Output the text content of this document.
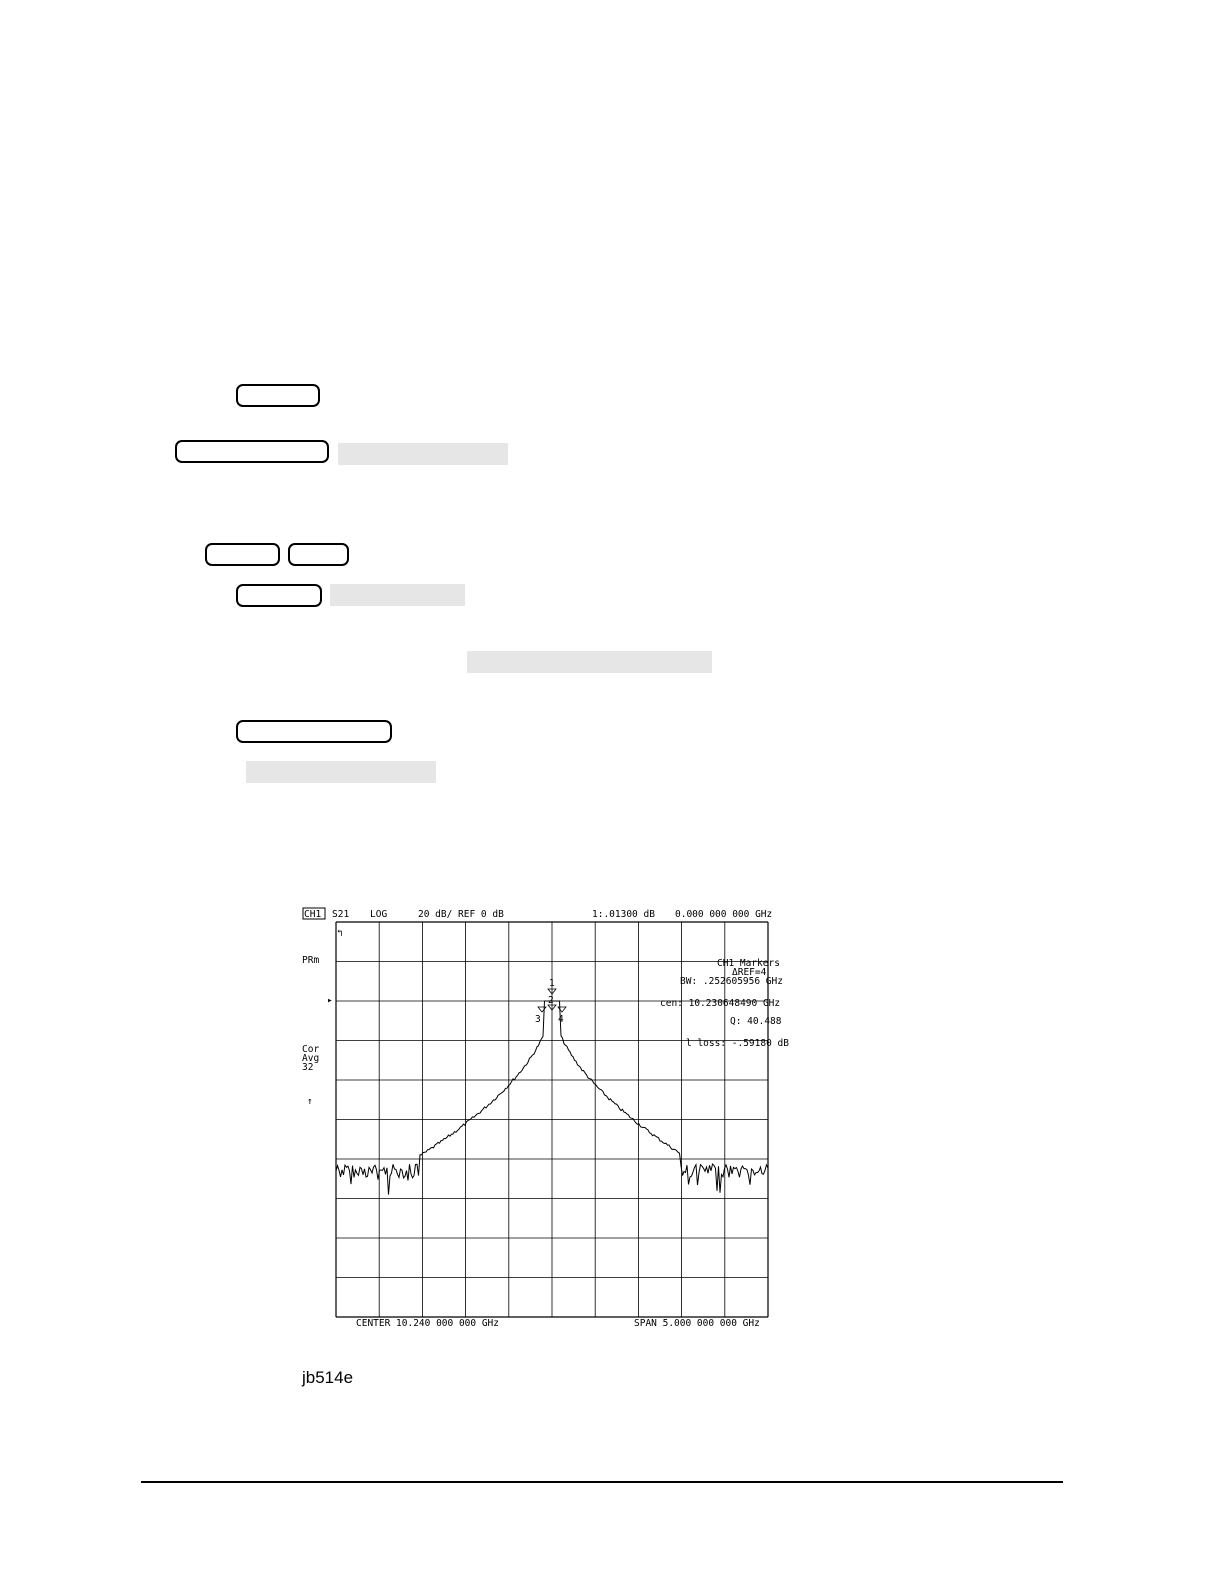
CH1 S21 LOG	20 dB/ REF 0 dB	1:.01300 dB 0.000 000 000 GHz
PRm
Cor
Avg
32
↑
▸
↰
1
2
3 4
CH1 Markers
ΔREF=4
BW: .252605956 GHz
cen: 10.230648490 GHz
Q: 40.488
l loss: -.59180 dB
CENTER 10.240 000 000 GHz	SPAN 5.000 000 000 GHz
jb514e
